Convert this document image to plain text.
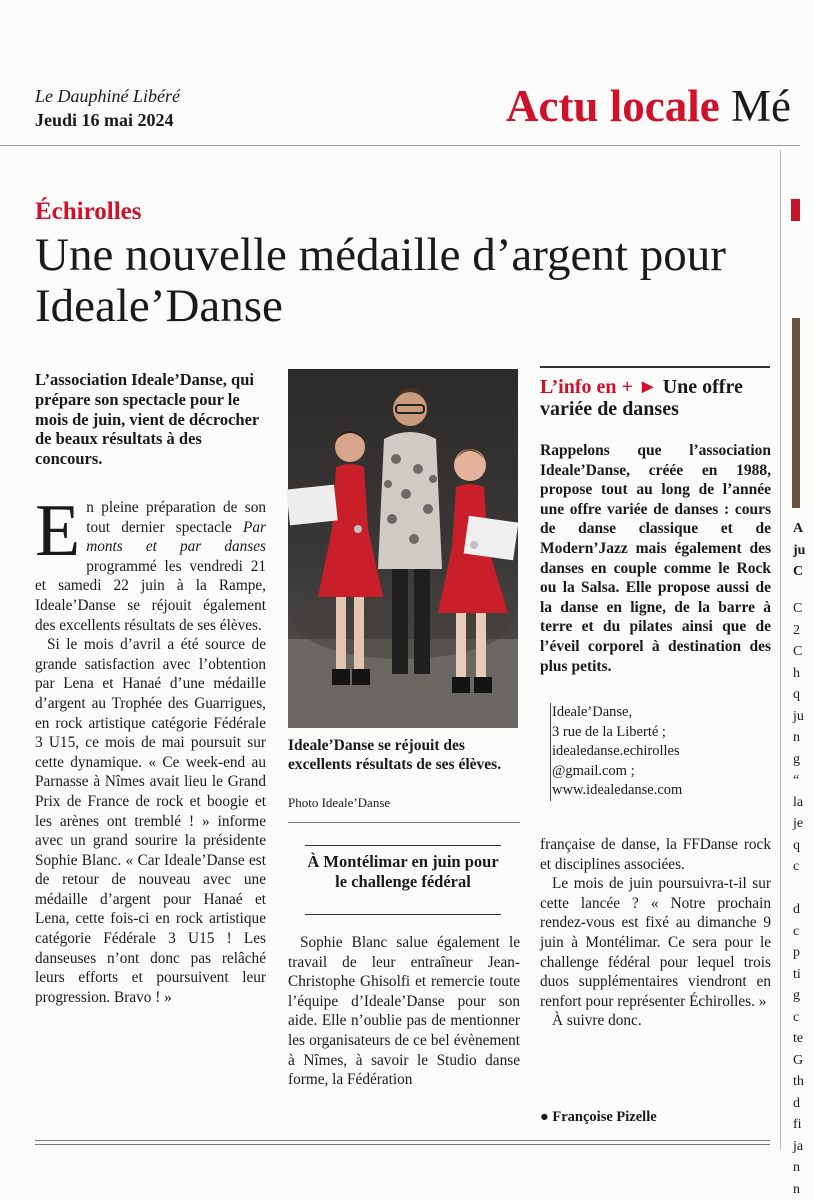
Le Dauphiné Libéré
Jeudi 16 mai 2024	Actu locale Mé
Échirolles
Une nouvelle médaille d’argent pour Ideale’Danse
L’association Ideale’Danse, qui prépare son spectacle pour le mois de juin, vient de décrocher de beaux résultats à des concours.

En pleine préparation de son tout dernier spectacle Par monts et par danses programmé les vendredi 21 et samedi 22 juin à la Rampe, Ideale’Danse se réjouit également des excellents résultats de ses élèves.

Si le mois d’avril a été source de grande satisfaction avec l’obtention par Lena et Hanaé d’une médaille d’argent au Trophée des Guarrigues, en rock artistique catégorie Fédérale 3 U15, ce mois de mai poursuit sur cette dynamique. « Ce week-end au Parnasse à Nîmes avait lieu le Grand Prix de France de rock et boogie et les arènes ont tremblé ! » informe avec un grand sourire la présidente Sophie Blanc. « Car Ideale’Danse est de retour de nouveau avec une médaille d’argent pour Hanaé et Lena, cette fois-ci en rock artistique catégorie Fédérale 3 U15 ! Les danseuses n’ont donc pas relâché leurs efforts et poursuivent leur progression. Bravo ! »

Ideale’Danse se réjouit des excellents résultats de ses élèves.
Photo Ideale’Danse
À Montélimar en juin pour le challenge fédéral

Sophie Blanc salue également le travail de leur entraîneur Jean-Christophe Ghisolfi et remercie toute l’équipe d’Ideale’Danse pour son aide. Elle n’oublie pas de mentionner les organisateurs de ce bel évènement à Nîmes, à savoir le Studio danse forme, la Fédération

L’info en + ► Une offre variée de danses

Rappelons que l’association Ideale’Danse, créée en 1988, propose tout au long de l’année une offre variée de danses : cours de danse classique et de Modern’Jazz mais également des danses en couple comme le Rock ou la Salsa. Elle propose aussi de la danse en ligne, de la barre à terre et du pilates ainsi que de l’éveil corporel à destination des plus petits.

Ideale’Danse,
3 rue de la Liberté ;
idealedanse.echirolles
@gmail.com ;
www.idealedanse.com

française de danse, la FFDanse rock et disciplines associées.

Le mois de juin poursuivra-t-il sur cette lancée ? « Notre prochain rendez-vous est fixé au dimanche 9 juin à Montélimar. Ce sera pour le challenge fédéral pour lequel trois duos supplémentaires viendront en renfort pour représenter Échirolles. »

À suivre donc.

● Françoise Pizelle
A
ju
C
C
2
C
h
q
ju
n
g
“
la
je
q
c
d
c
p
ti
g
c
te
G
th
d
fi
ja
n
n
